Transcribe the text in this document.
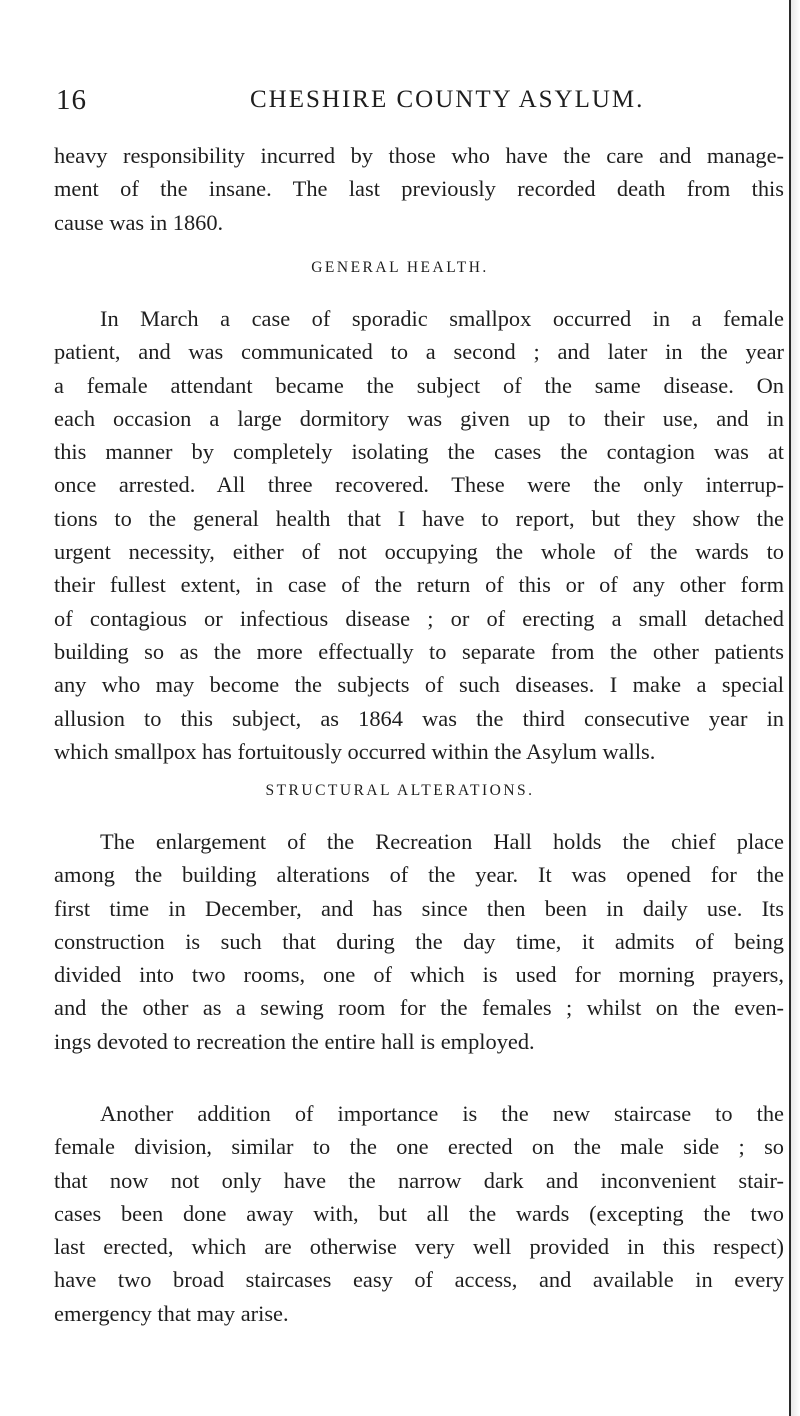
16	CHESHIRE COUNTY ASYLUM.
heavy responsibility incurred by those who have the care and manage-
ment of the insane. The last previously recorded death from this
cause was in 1860.
GENERAL HEALTH.
In March a case of sporadic smallpox occurred in a female
patient, and was communicated to a second ; and later in the year
a female attendant became the subject of the same disease. On
each occasion a large dormitory was given up to their use, and in
this manner by completely isolating the cases the contagion was at
once arrested. All three recovered. These were the only interrup-
tions to the general health that I have to report, but they show the
urgent necessity, either of not occupying the whole of the wards to
their fullest extent, in case of the return of this or of any other form
of contagious or infectious disease ; or of erecting a small detached
building so as the more effectually to separate from the other patients
any who may become the subjects of such diseases. I make a special
allusion to this subject, as 1864 was the third consecutive year in
which smallpox has fortuitously occurred within the Asylum walls.
STRUCTURAL ALTERATIONS.
The enlargement of the Recreation Hall holds the chief place
among the building alterations of the year. It was opened for the
first time in December, and has since then been in daily use. Its
construction is such that during the day time, it admits of being
divided into two rooms, one of which is used for morning prayers,
and the other as a sewing room for the females ; whilst on the even-
ings devoted to recreation the entire hall is employed.
Another addition of importance is the new staircase to the
female division, similar to the one erected on the male side ; so
that now not only have the narrow dark and inconvenient stair-
cases been done away with, but all the wards (excepting the two
last erected, which are otherwise very well provided in this respect)
have two broad staircases easy of access, and available in every
emergency that may arise.
